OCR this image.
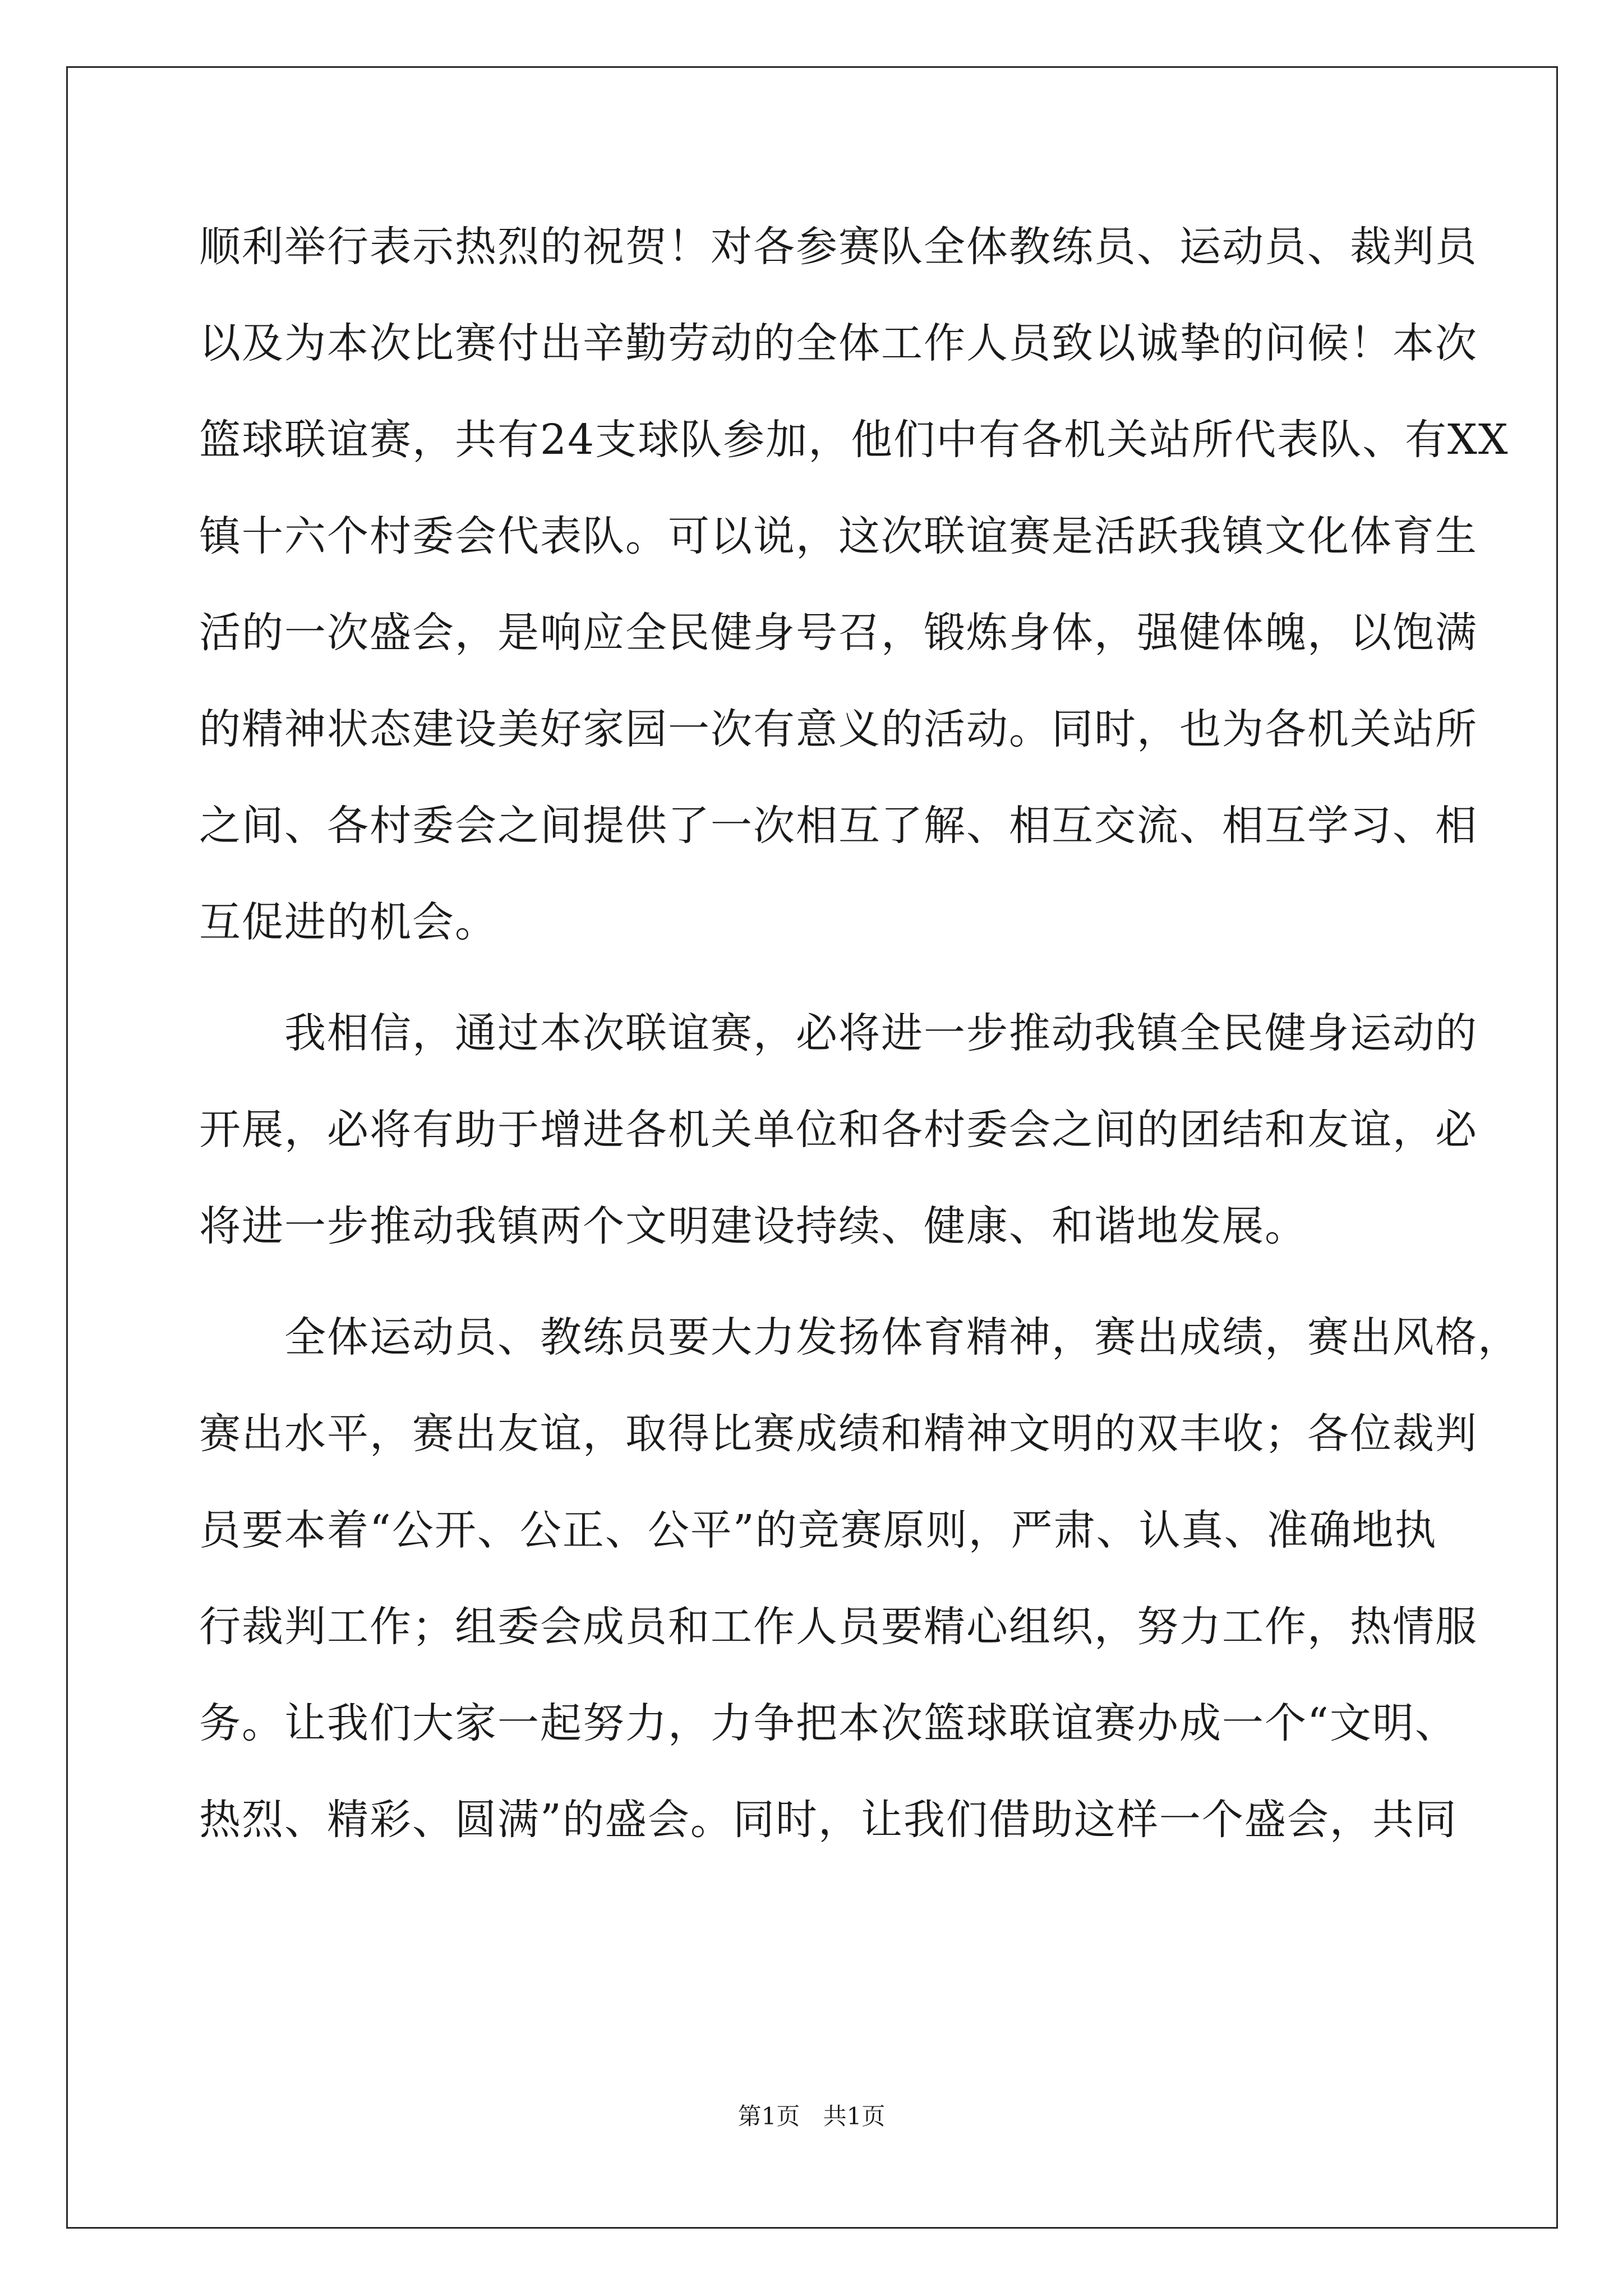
顺利举行表示热烈的祝贺！对各参赛队全体教练员、运动员、裁判员
以及为本次比赛付出辛勤劳动的全体工作人员致以诚挚的问候！本次
篮球联谊赛，共有24支球队参加，他们中有各机关站所代表队、有XX
镇十六个村委会代表队。可以说，这次联谊赛是活跃我镇文化体育生
活的一次盛会，是响应全民健身号召，锻炼身体，强健体魄，以饱满
的精神状态建设美好家园一次有意义的活动。同时，也为各机关站所
之间、各村委会之间提供了一次相互了解、相互交流、相互学习、相
互促进的机会。
　　我相信，通过本次联谊赛，必将进一步推动我镇全民健身运动的
开展，必将有助于增进各机关单位和各村委会之间的团结和友谊，必
将进一步推动我镇两个文明建设持续、健康、和谐地发展。
　　全体运动员、教练员要大力发扬体育精神，赛出成绩，赛出风格，
赛出水平，赛出友谊，取得比赛成绩和精神文明的双丰收；各位裁判
员要本着“公开、公正、公平”的竞赛原则，严肃、认真、准确地执
行裁判工作；组委会成员和工作人员要精心组织，努力工作，热情服
务。让我们大家一起努力，力争把本次篮球联谊赛办成一个“文明、
热烈、精彩、圆满”的盛会。同时，让我们借助这样一个盛会，共同
第1页 共1页
